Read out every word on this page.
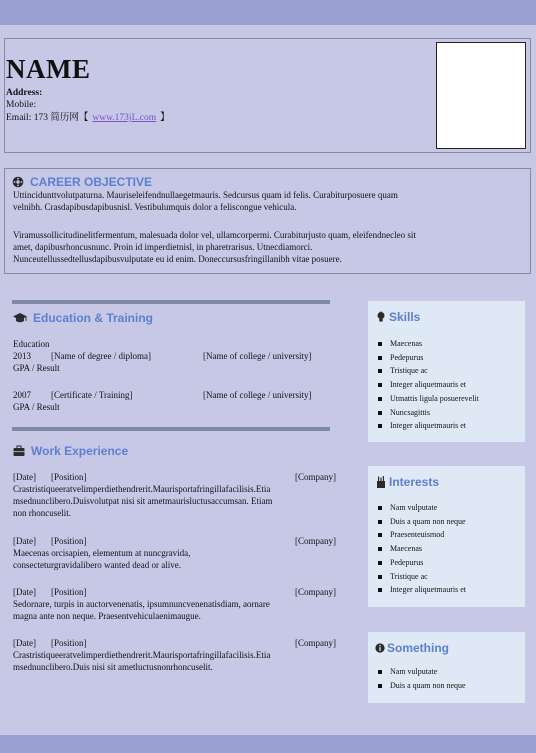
NAME
Address:
Mobile:
Email: 173 简历网【 www.173jL.com 】
CAREER OBJECTIVE
Uttincidunttvolutpaturna. Mauriseleifendnullaegetmauris. Sedcursus quam id felis. Curabiturposuere quam
velnibh. Crasdapibusdapibusnisl. Vestibulumquis dolor a feliscongue vehicula.
Viramussollicitudinelitfermentum, malesuada dolor vel, ullamcorpermi. Curabiturjusto quam, eleifendnecleo sit
amet, dapibusrhoncusnunc. Proin id imperdietnisl, in pharetrarisus. Utnecdiamorci.
Nunceutellussedtellusdapibusvulputate eu id enim. Doneccursusfringillanibh vitae posuere.
Education & Training
Education
2013 [Name of degree / diploma]	[Name of college / university]
GPA / Result
2007 [Certificate / Training]	[Name of college / university]
GPA / Result
Work Experience
[Date] [Position]	[Company]
Crastristiqueeratvelimperdiethendrerit.Maurisportafringillafacilisis.Etia
msednunclibero.Duisvolutpat nisi sit ametmaurisluctusaccumsan. Etiam
non rhoncuselit.
[Date] [Position]	[Company]
Maecenas orcisapien, elementum at nuncgravida,
consecteturgravidalibero wanted dead or alive.
[Date] [Position]	[Company]
Sedornare, turpis in auctorvenenatis, ipsumnuncvenenatisdiam, aornare
magna ante non neque. Praesentvehiculaenimaugue.
[Date] [Position]	[Company]
Crastristiqueeratvelimperdiethendrerit.Maurisportafringillafacilisis.Etia
msednunclibero.Duis nisi sit ametluctusnonrhoncuselit.
Skills
Maecenas
Pedepurus
Tristique ac
Integer aliquetmauris et
Utmattis ligula posuerevelit
Nuncsagittis
Integer aliquetmauris et
Interests
Nam vulputate
Duis a quam non neque
Praesenteuismod
Maecenas
Pedepurus
Tristique ac
Integer aliquetmauris et
Something
Nam vulputate
Duis a quam non neque
